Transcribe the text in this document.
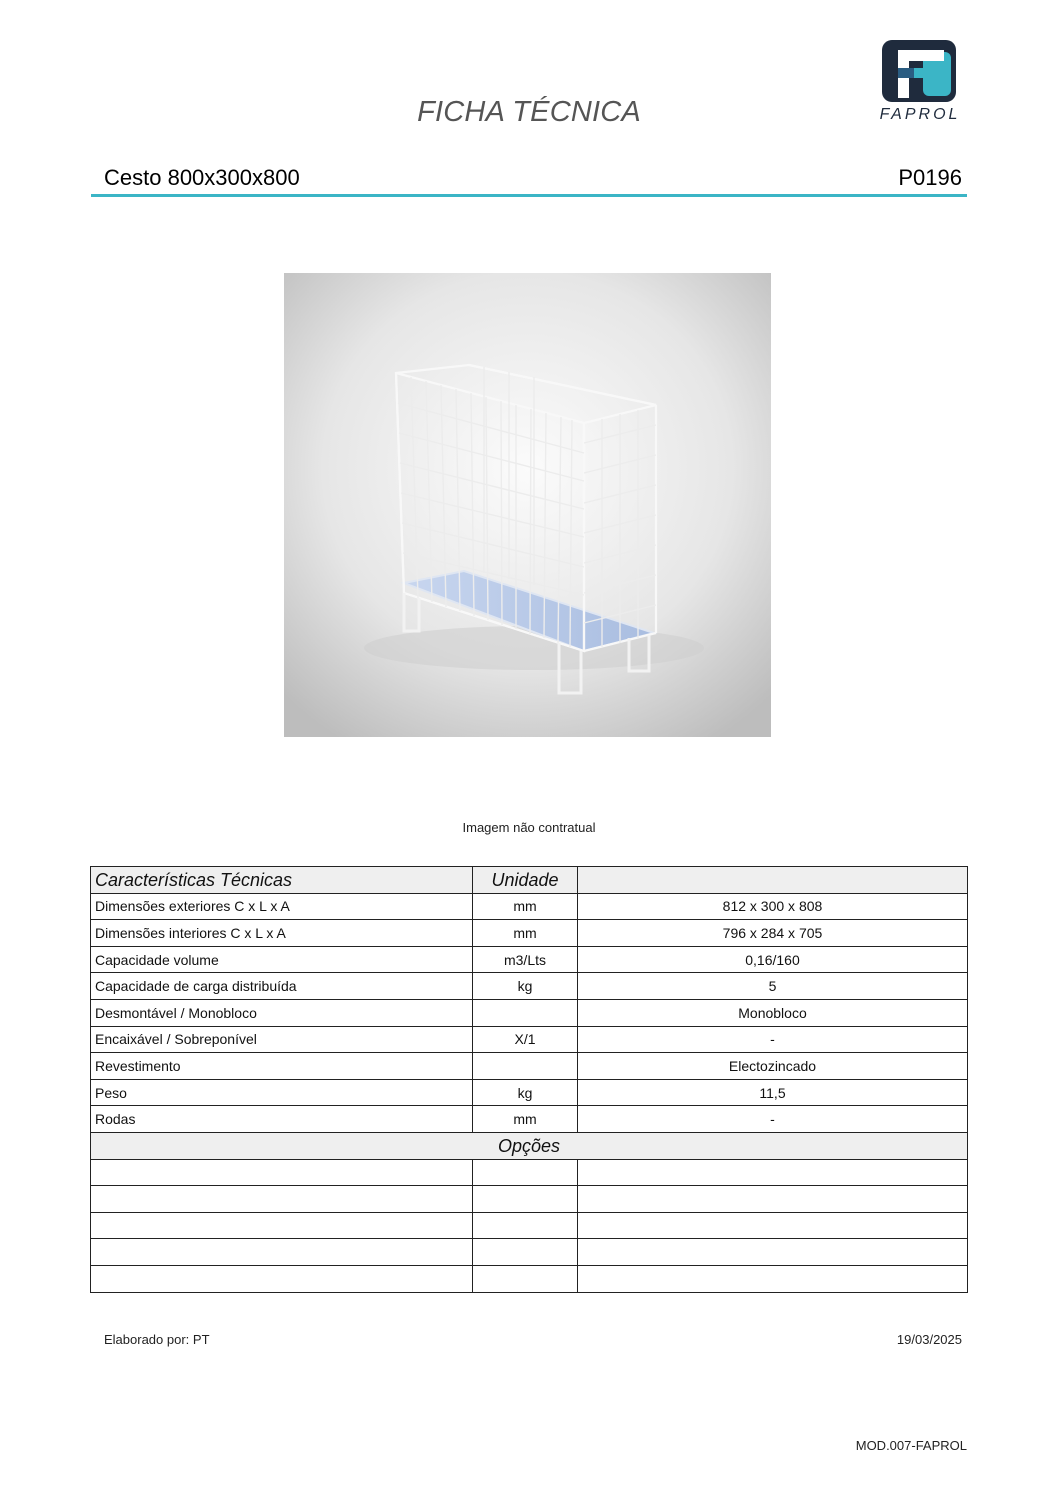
FICHA TÉCNICA	FAPROL
Cesto 800x300x800	P0196
Imagem não contratual
Características Técnicas	Unidade	
Dimensões exteriores C x L x A	mm	812 x 300 x 808
Dimensões interiores C x L x A	mm	796 x 284 x 705
Capacidade volume	m3/Lts	0,16/160
Capacidade de carga distribuída	kg	5
Desmontável / Monobloco		Monobloco
Encaixável / Sobreponível	X/1	-
Revestimento		Electozincado
Peso	kg	11,5
Rodas	mm	-
Opções		

Elaborado por: PT	19/03/2025
MOD.007-FAPROL
